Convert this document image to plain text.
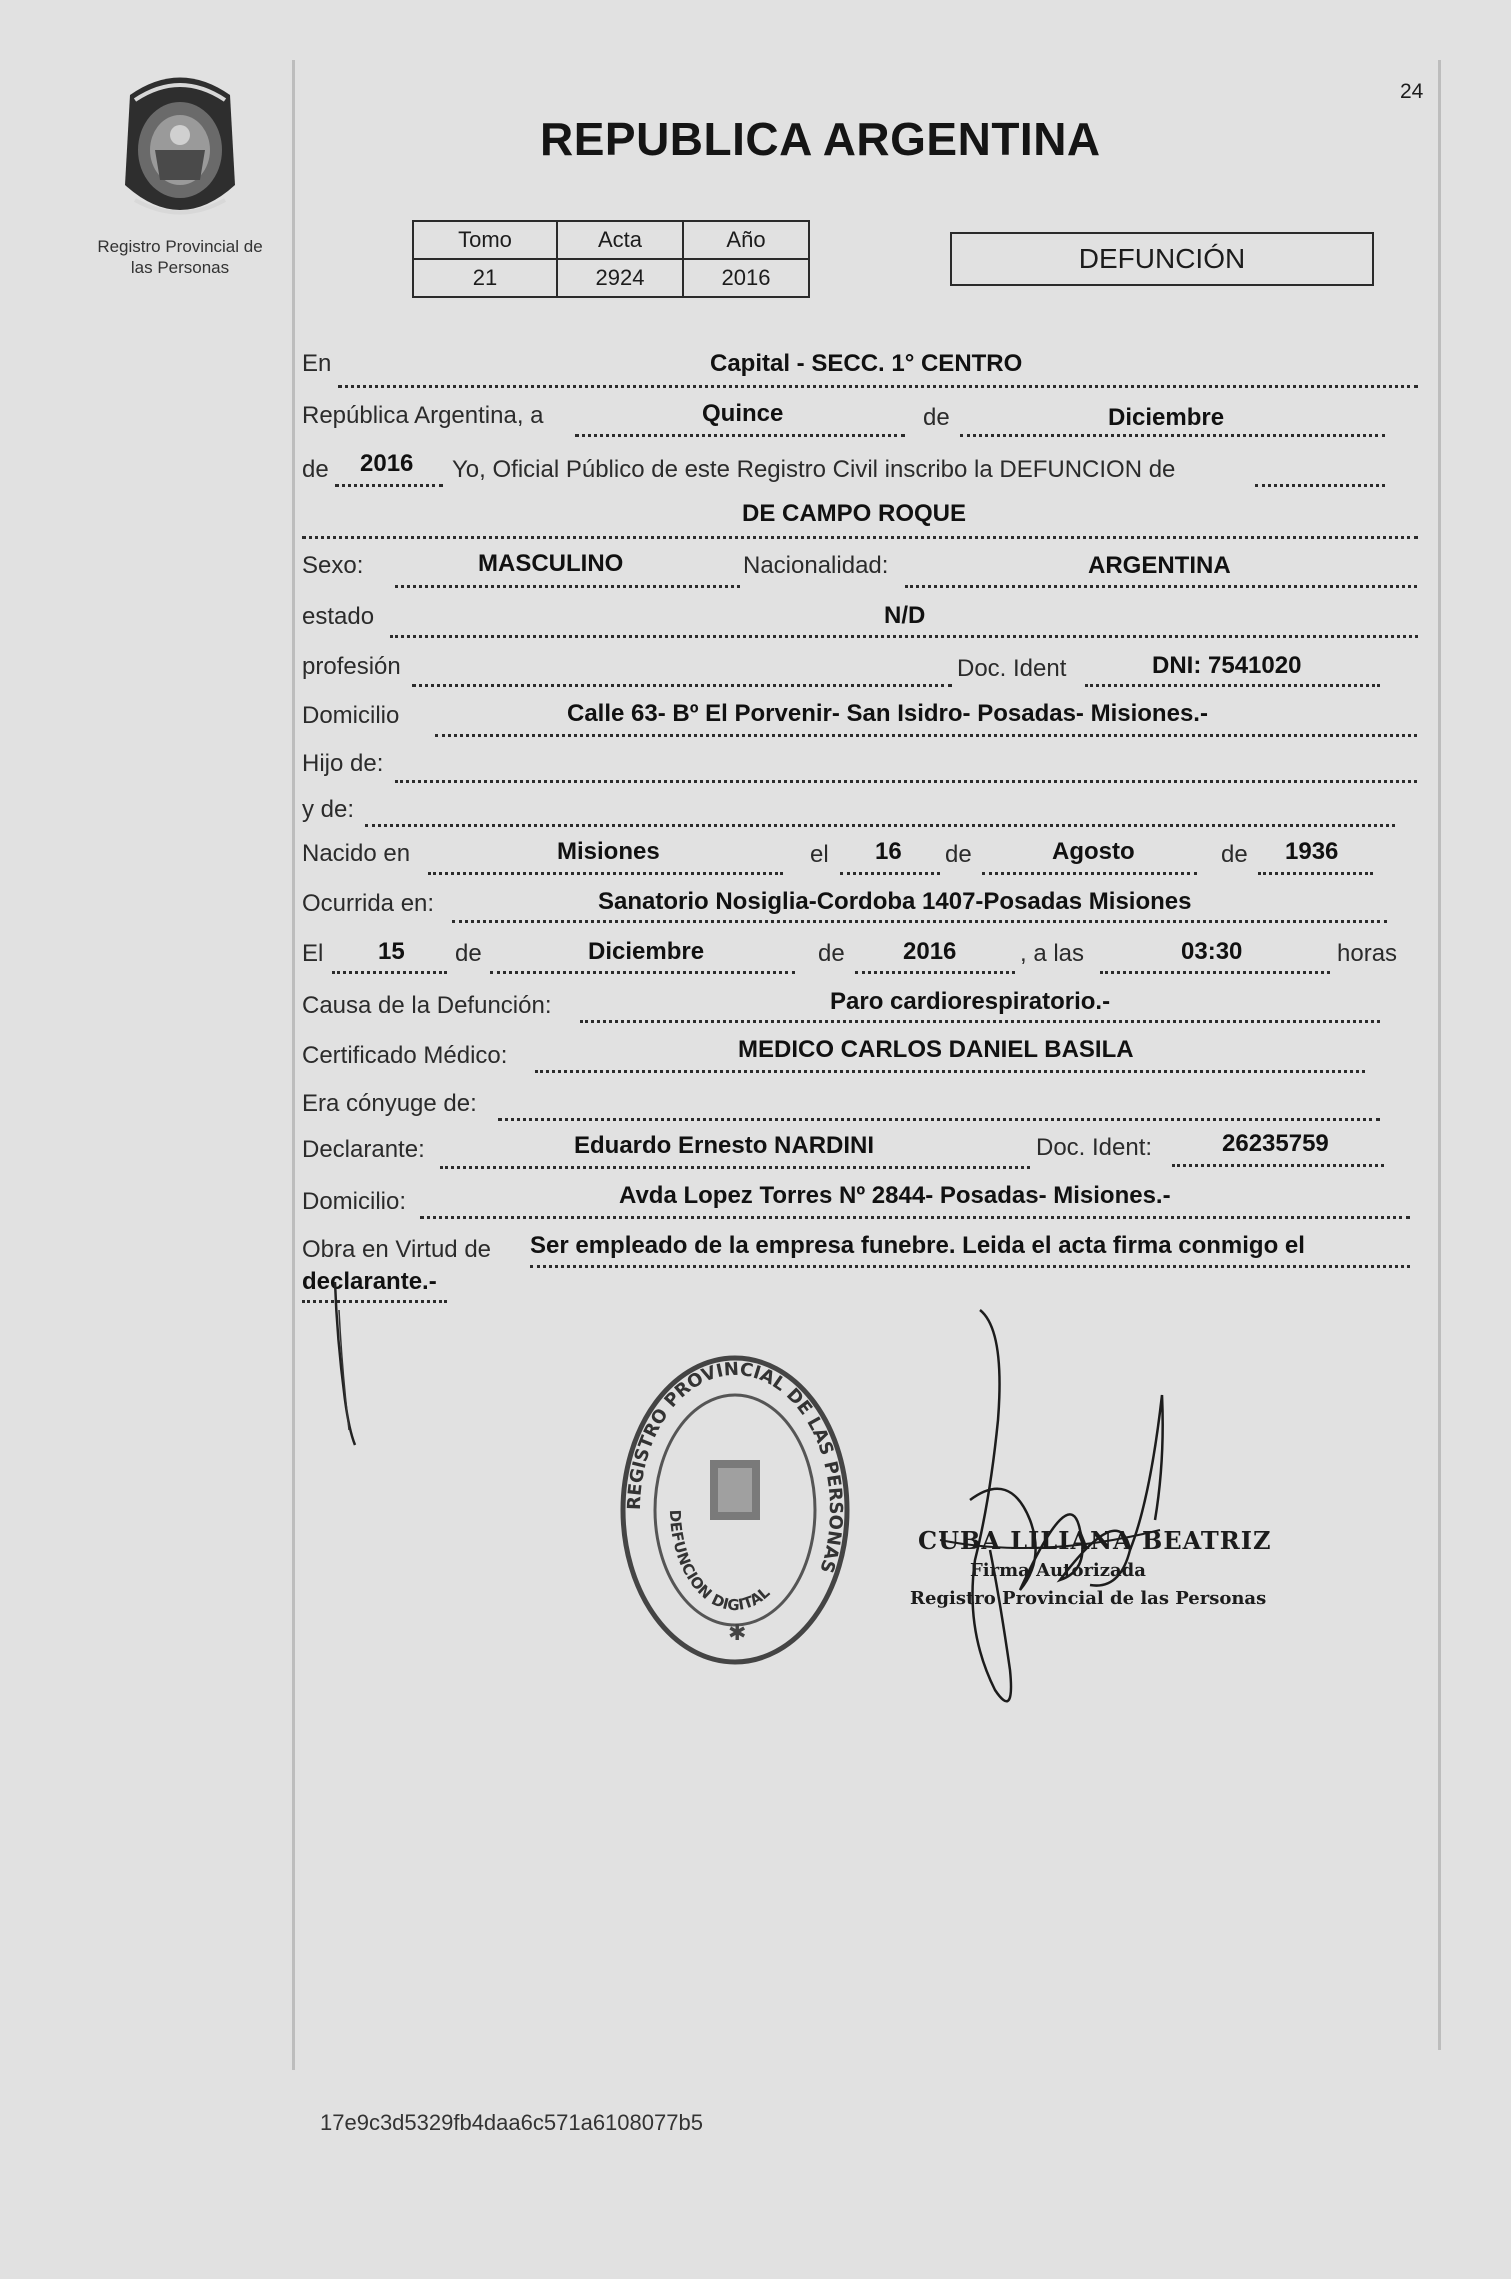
Registro Provincial de
las Personas
24
REPUBLICA ARGENTINA
Tomo	Acta	Año
21	2924	2016
DEFUNCIÓN
En	Capital - SECC. 1° CENTRO
República Argentina, a	Quince	de	Diciembre
de 2016 Yo, Oficial Público de este Registro Civil inscribo la DEFUNCION de
DE CAMPO ROQUE
Sexo:	MASCULINO	Nacionalidad:	ARGENTINA
estado	N/D
profesión	Doc. Ident	DNI: 7541020
Domicilio	Calle 63- Bº El Porvenir- San Isidro- Posadas- Misiones.-
Hijo de:
y de:
Nacido en	Misiones	el 16 de	Agosto	de 1936
Ocurrida en:	Sanatorio Nosiglia-Cordoba 1407-Posadas Misiones
El 15 de	Diciembre	de 2016	, a las	03:30	horas
Causa de la Defunción:	Paro cardiorespiratorio.-
Certificado Médico:	MEDICO CARLOS DANIEL BASILA
Era cónyuge de:
Declarante:	Eduardo Ernesto NARDINI	Doc. Ident:	26235759
Domicilio:	Avda Lopez Torres Nº 2844- Posadas- Misiones.-
Obra en Virtud de Ser empleado de la empresa funebre. Leida el acta firma conmigo el
declarante.-
REGISTRO PROVINCIAL DE LAS PERSONAS
DEFUNCION DIGITAL
✱
CUBA LILIANA BEATRIZ
Firma Autorizada
Registro Provincial de las Personas
17e9c3d5329fb4daa6c571a6108077b5
